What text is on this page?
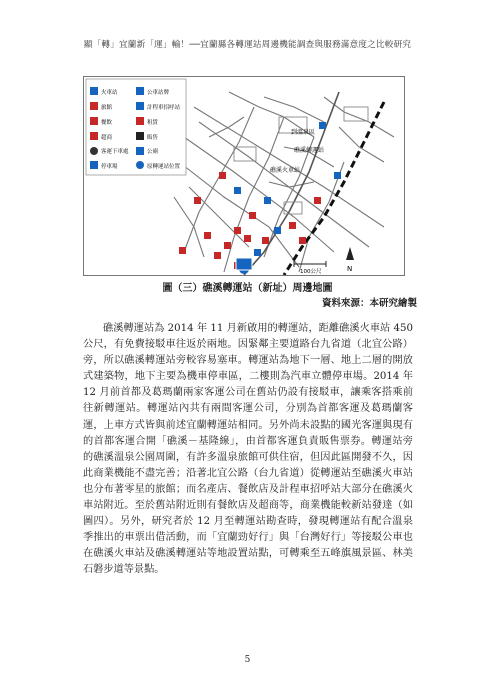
顯「轉」宜蘭新「運」輸！──宜蘭縣各轉運站周邊機能調查與服務滿意度之比較研究
火車站	公車站牌
旅館	計程車招呼站
餐飲	租賃
超商	販售
客運下車處	公廁
停車場	原轉運站位置
到溫泉區
礁溪轉運站
礁溪火車站
100公尺	N
圖（三）礁溪轉運站（新址）周邊地圖
資料來源：本研究繪製
礁溪轉運站為 2014 年 11 月新啟用的轉運站，距離礁溪火車站 450 公尺，有免費接駁車往返於兩地。因緊鄰主要道路台九省道（北宜公路）旁，所以礁溪轉運站旁較容易塞車。轉運站為地下一層、地上二層的開放式建築物，地下主要為機車停車區，二樓則為汽車立體停車場。2014 年 12 月前首都及葛瑪蘭兩家客運公司在舊站仍設有接駁車，讓乘客搭乘前往新轉運站。轉運站內共有兩間客運公司，分別為首都客運及葛瑪蘭客運，上車方式皆與前述宜蘭轉運站相同。另外尚未設點的國光客運與現有的首都客運合開「礁溪－基隆線」，由首都客運負責販售票券。轉運站旁的礁溪溫泉公園周圍，有許多溫泉旅館可供住宿，但因此區開發不久，因此商業機能不盡完善；沿著北宜公路（台九省道）從轉運站至礁溪火車站也分布著零星的旅館；而名產店、餐飲店及計程車招呼站大部分在礁溪火車站附近。至於舊站附近則有餐飲店及超商等，商業機能較新站發達（如圖四）。另外，研究者於 12 月至轉運站勘查時，發現轉運站有配合溫泉季推出的車票出借活動，而「宜蘭勁好行」與「台灣好行」等接駁公車也在礁溪火車站及礁溪轉運站等地設置站點，可轉乘至五峰旗風景區、林美石磐步道等景點。
5
